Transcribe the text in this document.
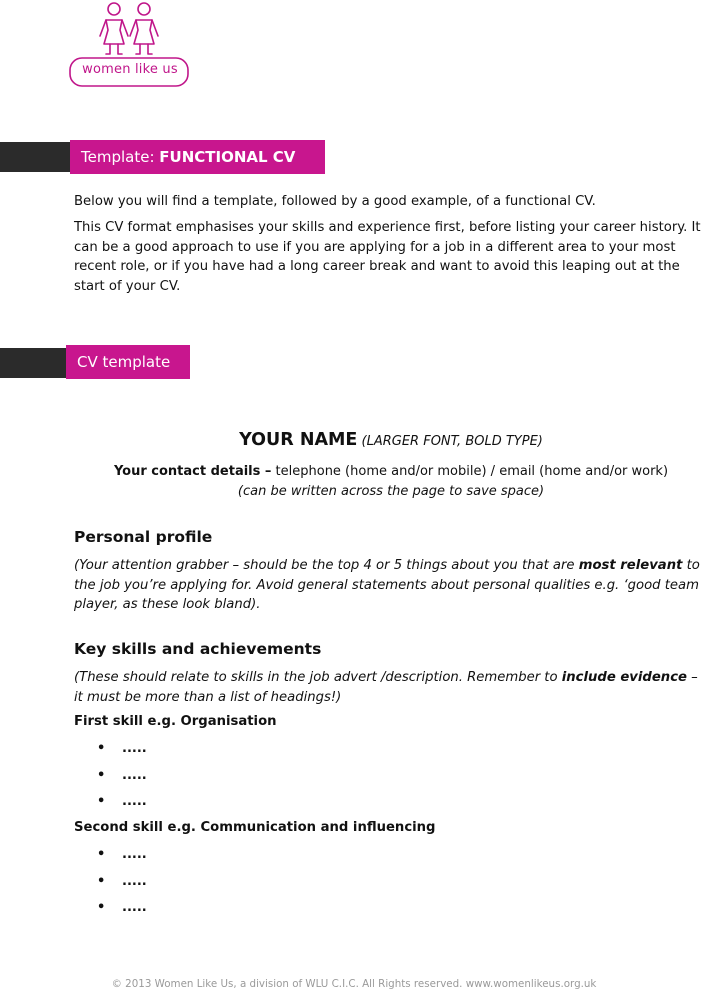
women like us
Template: FUNCTIONAL CV

Below you will find a template, followed by a good example, of a functional CV.

This CV format emphasises your skills and experience first, before listing your career history. It can be a good approach to use if you are applying for a job in a different area to your most recent role, or if you have had a long career break and want to avoid this leaping out at the start of your CV.

CV template
YOUR NAME (LARGER FONT, BOLD TYPE)
Your contact details – telephone (home and/or mobile) / email (home and/or work)
(can be written across the page to save space)
Personal profile

(Your attention grabber – should be the top 4 or 5 things about you that are most relevant to the job you’re applying for. Avoid general statements about personal qualities e.g. ‘good team player, as these look bland).

Key skills and achievements

(These should relate to skills in the job advert /description. Remember to include evidence – it must be more than a list of headings!)

First skill e.g. Organisation

• .....
• .....
• .....

Second skill e.g. Communication and influencing

• .....
• .....
• .....
© 2013 Women Like Us, a division of WLU C.I.C. All Rights reserved. www.womenlikeus.org.uk
